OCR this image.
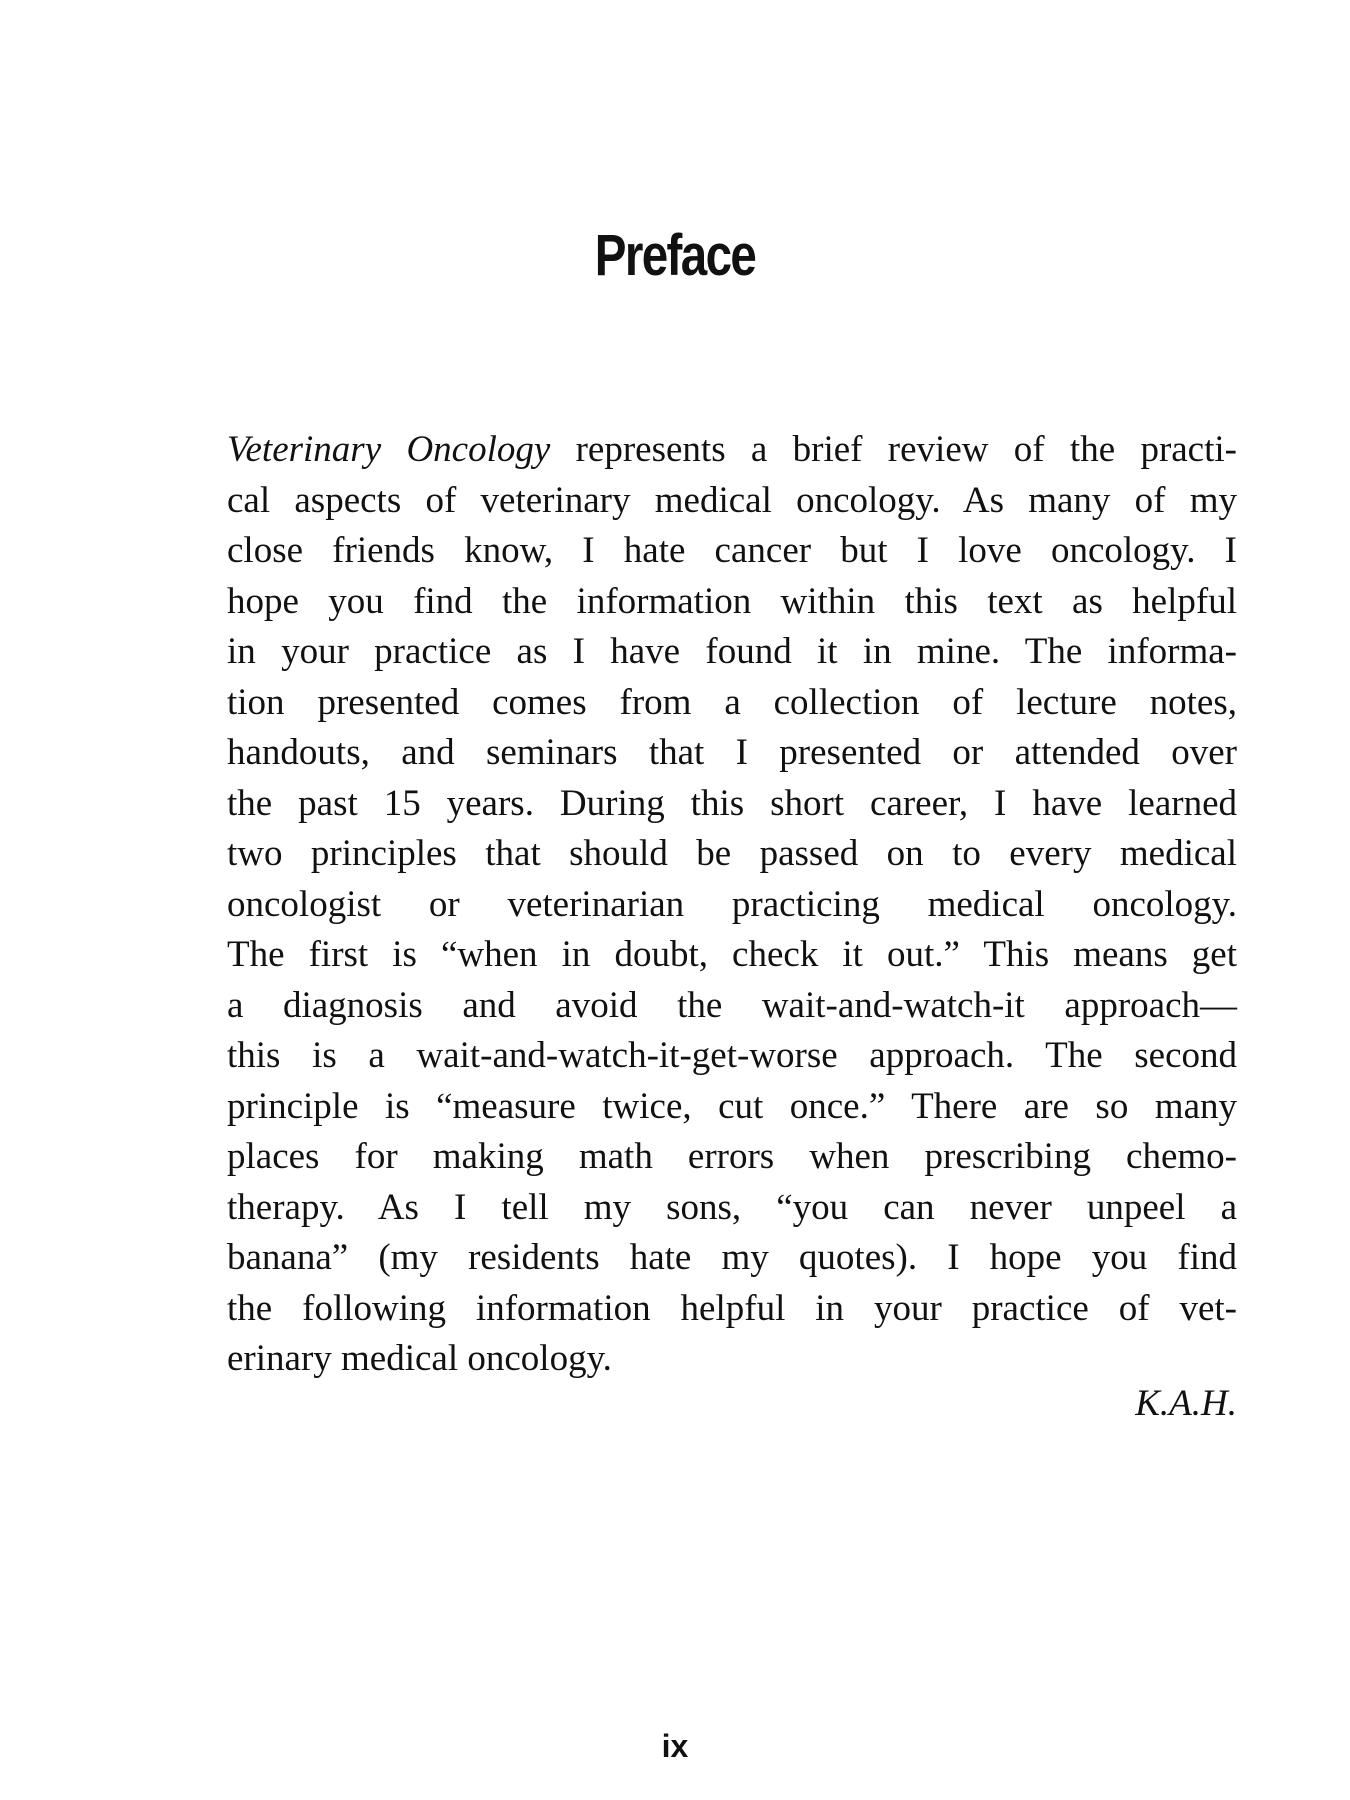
Preface
Veterinary Oncology represents a brief review of the practi-
cal aspects of veterinary medical oncology. As many of my
close friends know, I hate cancer but I love oncology. I
hope you find the information within this text as helpful
in your practice as I have found it in mine. The informa-
tion presented comes from a collection of lecture notes,
handouts, and seminars that I presented or attended over
the past 15 years. During this short career, I have learned
two principles that should be passed on to every medical
oncologist or veterinarian practicing medical oncology.
The first is “when in doubt, check it out.” This means get
a diagnosis and avoid the wait-and-watch-it approach—
this is a wait-and-watch-it-get-worse approach. The second
principle is “measure twice, cut once.” There are so many
places for making math errors when prescribing chemo-
therapy. As I tell my sons, “you can never unpeel a
banana” (my residents hate my quotes). I hope you find
the following information helpful in your practice of vet-
erinary medical oncology.
K.A.H.
ix
